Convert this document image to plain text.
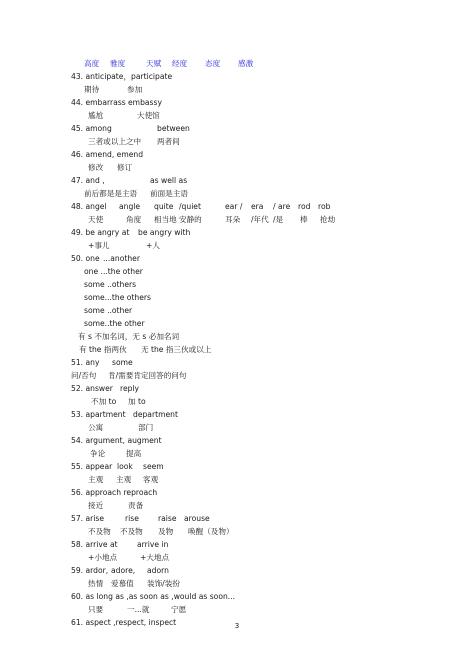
高度 雅度	天赋 经度 态度 感激
43. anticipate，participate
期待	参加
44. embarrass embassy
尴尬	大使馆
45. among	between
三者或以上之中 两者间
46. amend, emend
修改 修订
47. and ,	as well as
前后都是是主语 前面是主语
48. angel angle quite /quiet	ear / era / are rod rob
天使	角度 相当地 安静的	耳朵 /年代 /是 棒 抢劫
49. be angry at be angry with
+事儿	+人
50. one ...another
one ...the other
some ..others
some...the others
some ..other
some..the other
有 s 不加名词，无 s 必加名词
有 the 指两伙 无 the 指三伙或以上
51. any some
问/否句 肯/需要肯定回答的问句
52. answer reply
不加 to 加 to
53. apartment department
公寓	部门
54. argument, augment
争论	提高
55. appear look seem
主观 主观 客观
56. approach reproach
接近	责备
57. arise	rise	raise arouse
不及物 不及物 及物 唤醒（及物）
58. arrive at	arrive in
+小地点	+大地点
59. ardor, adore, adorn
热情 爱慕值 装饰/装扮
60. as long as ,as soon as ,would as soon...
只要	一...就	宁愿
61. aspect ,respect, inspect	3
